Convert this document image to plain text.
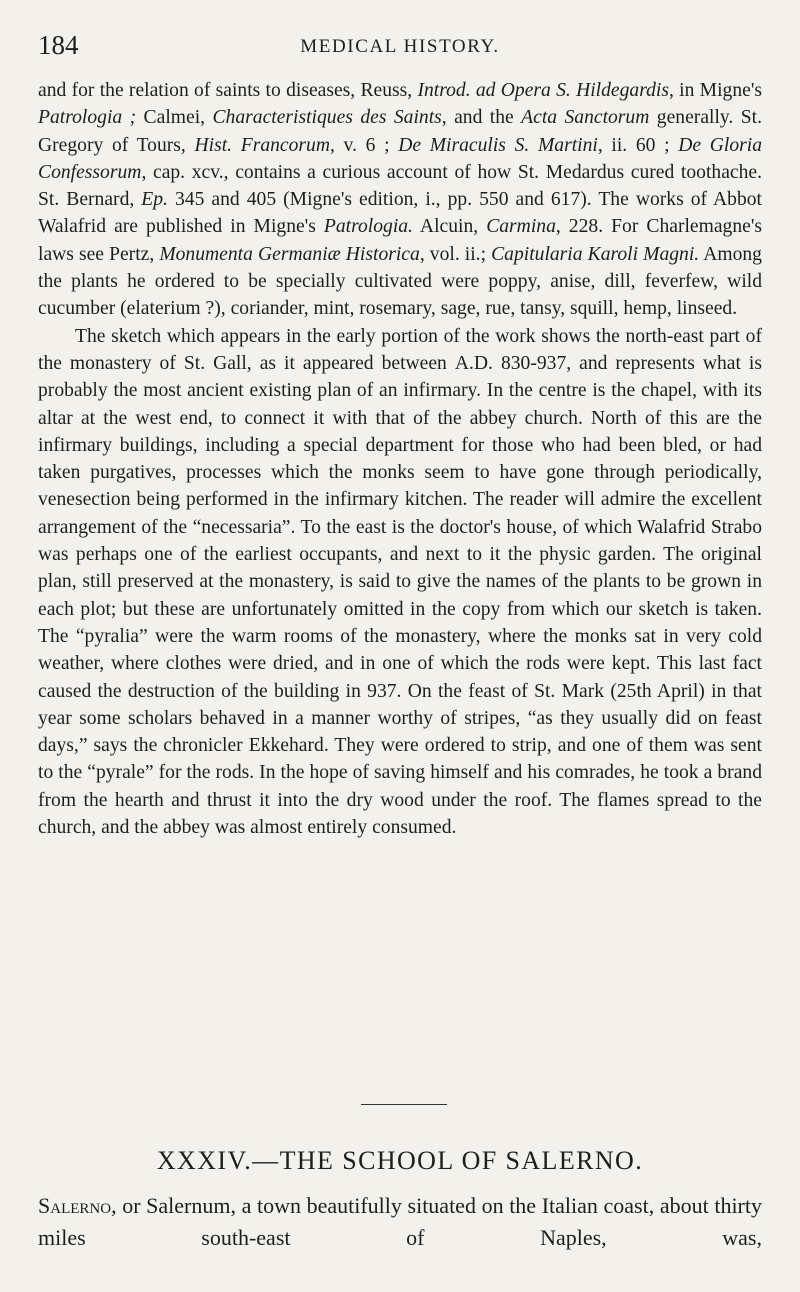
184	MEDICAL HISTORY.

and for the relation of saints to diseases, Reuss, Introd. ad Opera S. Hildegardis, in Migne's Patrologia ; Calmei, Characteristiques des Saints, and the Acta Sanctorum generally. St. Gregory of Tours, Hist. Francorum, v. 6 ; De Miraculis S. Martini, ii. 60 ; De Gloria Confessorum, cap. xcv., contains a curious account of how St. Medardus cured toothache. St. Bernard, Ep. 345 and 405 (Migne's edition, i., pp. 550 and 617). The works of Abbot Walafrid are published in Migne's Patrologia. Alcuin, Carmina, 228. For Charlemagne's laws see Pertz, Monumenta Germaniæ Historica, vol. ii.; Capitularia Karoli Magni. Among the plants he ordered to be specially cultivated were poppy, anise, dill, feverfew, wild cucumber (elaterium ?), coriander, mint, rosemary, sage, rue, tansy, squill, hemp, linseed.

The sketch which appears in the early portion of the work shows the north-east part of the monastery of St. Gall, as it appeared between A.D. 830-937, and represents what is probably the most ancient existing plan of an infirmary. In the centre is the chapel, with its altar at the west end, to connect it with that of the abbey church. North of this are the infirmary buildings, including a special department for those who had been bled, or had taken purgatives, processes which the monks seem to have gone through periodically, venesection being performed in the infirmary kitchen. The reader will admire the excellent arrangement of the “necessaria”. To the east is the doctor's house, of which Walafrid Strabo was perhaps one of the earliest occupants, and next to it the physic garden. The original plan, still preserved at the monastery, is said to give the names of the plants to be grown in each plot; but these are unfortunately omitted in the copy from which our sketch is taken. The “pyralia” were the warm rooms of the monastery, where the monks sat in very cold weather, where clothes were dried, and in one of which the rods were kept. This last fact caused the destruction of the building in 937. On the feast of St. Mark (25th April) in that year some scholars behaved in a manner worthy of stripes, “as they usually did on feast days,” says the chronicler Ekkehard. They were ordered to strip, and one of them was sent to the “pyrale” for the rods. In the hope of saving himself and his comrades, he took a brand from the hearth and thrust it into the dry wood under the roof. The flames spread to the church, and the abbey was almost entirely consumed.

XXXIV.—THE SCHOOL OF SALERNO.

Salerno, or Salernum, a town beautifully situated on the Italian coast, about thirty miles south-east of Naples, was,
